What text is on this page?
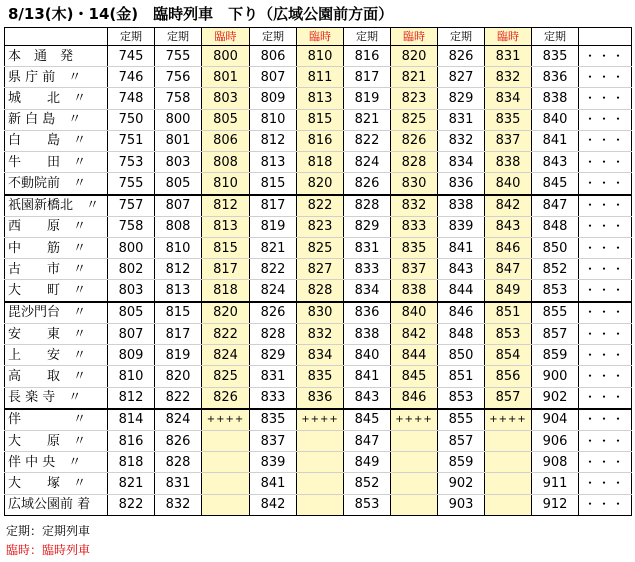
8/13(木)・14(金)　臨時列車　下り（広域公園前方面）
	定期	定期	臨時	定期	臨時	定期	臨時	定期	臨時	定期	
本　通　発	745	755	800	806	810	816	820	826	831	835	・・・
県 庁 前　〃	746	756	801	807	811	817	821	827	832	836	・・・
城　　北　〃	748	758	803	809	813	819	823	829	834	838	・・・
新 白 島　〃	750	800	805	810	815	821	825	831	835	840	・・・
白　　島　〃	751	801	806	812	816	822	826	832	837	841	・・・
牛　　田　〃	753	803	808	813	818	824	828	834	838	843	・・・
不動院前　〃	755	805	810	815	820	826	830	836	840	845	・・・
祇園新橋北　〃	757	807	812	817	822	828	832	838	842	847	・・・
西　　原　〃	758	808	813	819	823	829	833	839	843	848	・・・
中　　筋　〃	800	810	815	821	825	831	835	841	846	850	・・・
古　　市　〃	802	812	817	822	827	833	837	843	847	852	・・・
大　　町　〃	803	813	818	824	828	834	838	844	849	853	・・・
毘沙門台　〃	805	815	820	826	830	836	840	846	851	855	・・・
安　　東　〃	807	817	822	828	832	838	842	848	853	857	・・・
上　　安　〃	809	819	824	829	834	840	844	850	854	859	・・・
高　　取　〃	810	820	825	831	835	841	845	851	856	900	・・・
長 楽 寺　〃	812	822	826	833	836	843	846	853	857	902	・・・
伴　　　　〃	814	824	++++	835	++++	845	++++	855	++++	904	・・・
大　　原　〃	816	826		837		847		857		906	・・・
伴 中 央　〃	818	828		839		849		859		908	・・・
大　　塚　〃	821	831		841		852		902		911	・・・
広域公園前 着	822	832		842		853		903		912	・・・
定期：定期列車
臨時：臨時列車
